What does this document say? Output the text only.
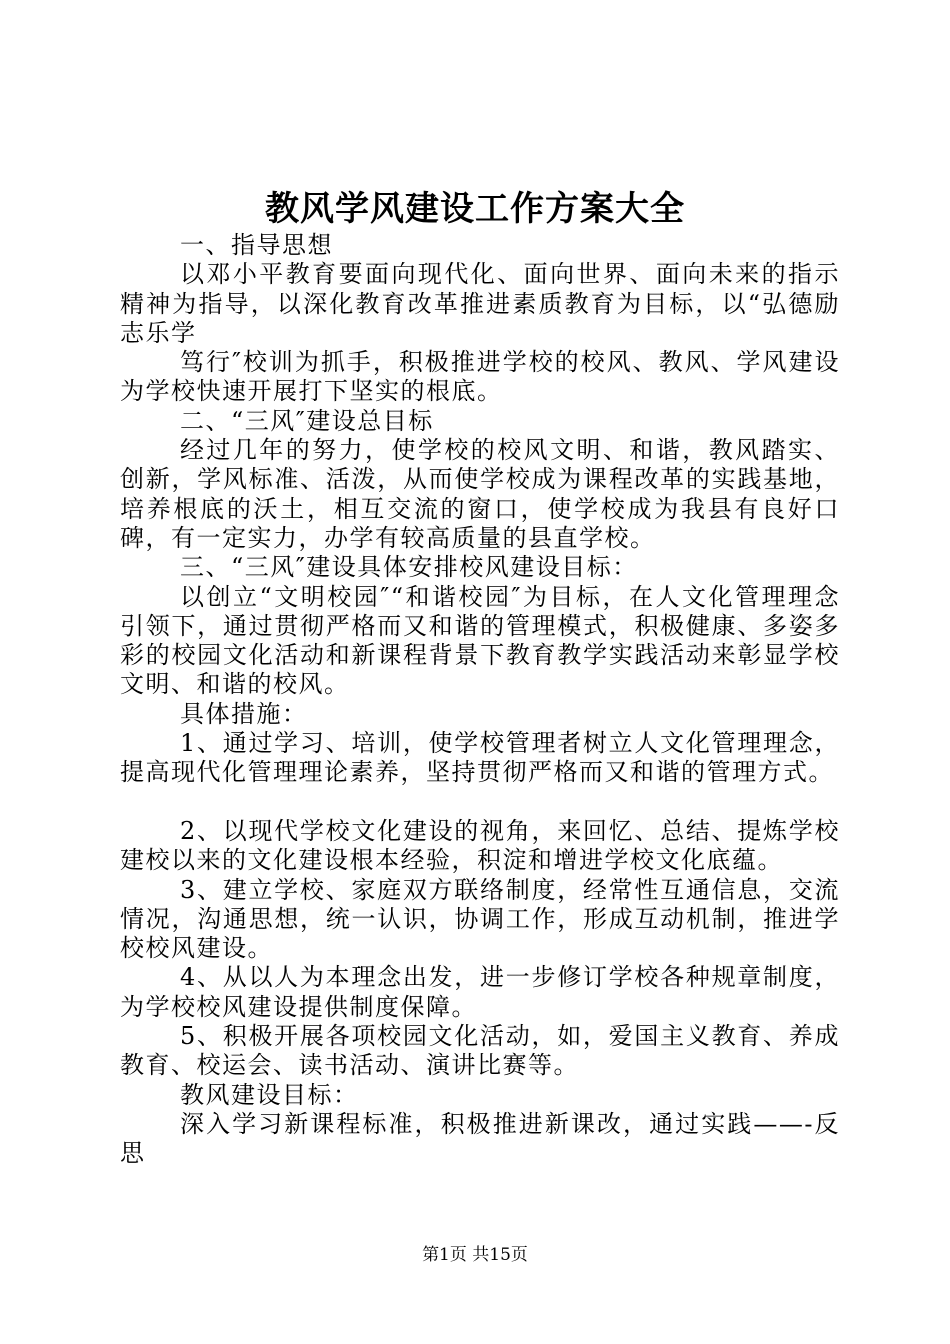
教风学风建设工作方案大全

一、指导思想

以邓小平教育要面向现代化、面向世界、面向未来的指示精神为指导，以深化教育改革推进素质教育为目标，以“弘德励志乐学

笃行″校训为抓手，积极推进学校的校风、教风、学风建设为学校快速开展打下坚实的根底。

二、“三风″建设总目标

经过几年的努力，使学校的校风文明、和谐，教风踏实、创新，学风标准、活泼，从而使学校成为课程改革的实践基地，培养根底的沃土，相互交流的窗口，使学校成为我县有良好口碑，有一定实力，办学有较高质量的县直学校。

三、“三风″建设具体安排校风建设目标：

以创立“文明校园″“和谐校园″为目标，在人文化管理理念引领下，通过贯彻严格而又和谐的管理模式，积极健康、多姿多彩的校园文化活动和新课程背景下教育教学实践活动来彰显学校文明、和谐的校风。

具体措施：

1、通过学习、培训，使学校管理者树立人文化管理理念，提高现代化管理理论素养，坚持贯彻严格而又和谐的管理方式。

2、以现代学校文化建设的视角，来回忆、总结、提炼学校建校以来的文化建设根本经验，积淀和增进学校文化底蕴。

3、建立学校、家庭双方联络制度，经常性互通信息，交流情况，沟通思想，统一认识，协调工作，形成互动机制，推进学校校风建设。

4、从以人为本理念出发，进一步修订学校各种规章制度，为学校校风建设提供制度保障。

5、积极开展各项校园文化活动，如，爱国主义教育、养成教育、校运会、读书活动、演讲比赛等。

教风建设目标：

深入学习新课程标准，积极推进新课改，通过实践——-反思

第1页 共15页
